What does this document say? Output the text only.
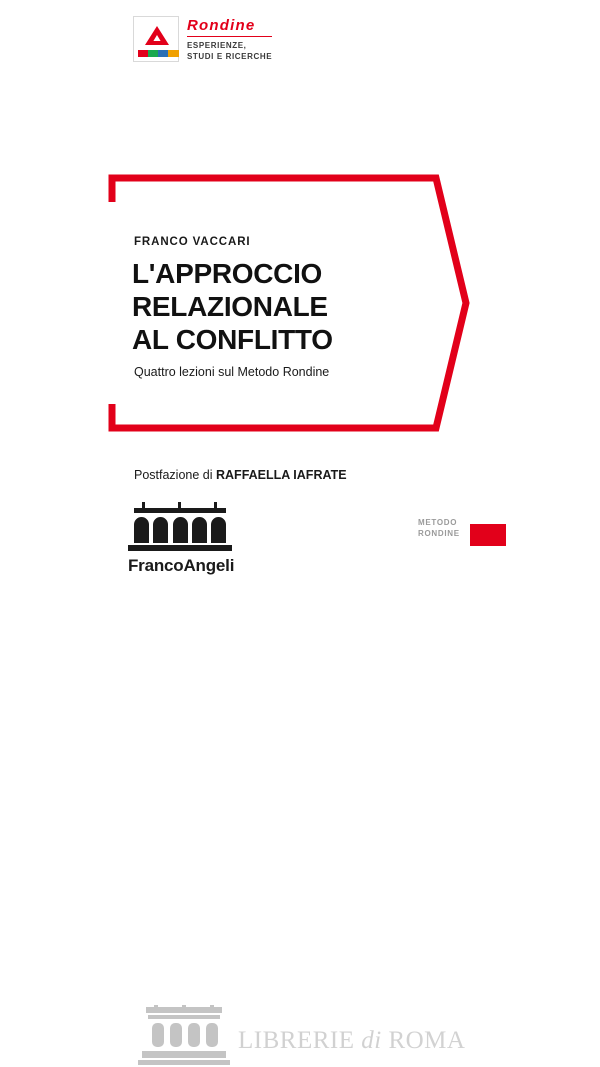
Rondine
ESPERIENZE,
STUDI E RICERCHE
FRANCO VACCARI
L'APPROCCIO
RELAZIONALE
AL CONFLITTO
Quattro lezioni sul Metodo Rondine
Postfazione di RAFFAELLA IAFRATE
FrancoAngeli
METODO
RONDINE
LIBRERIE di ROMA
